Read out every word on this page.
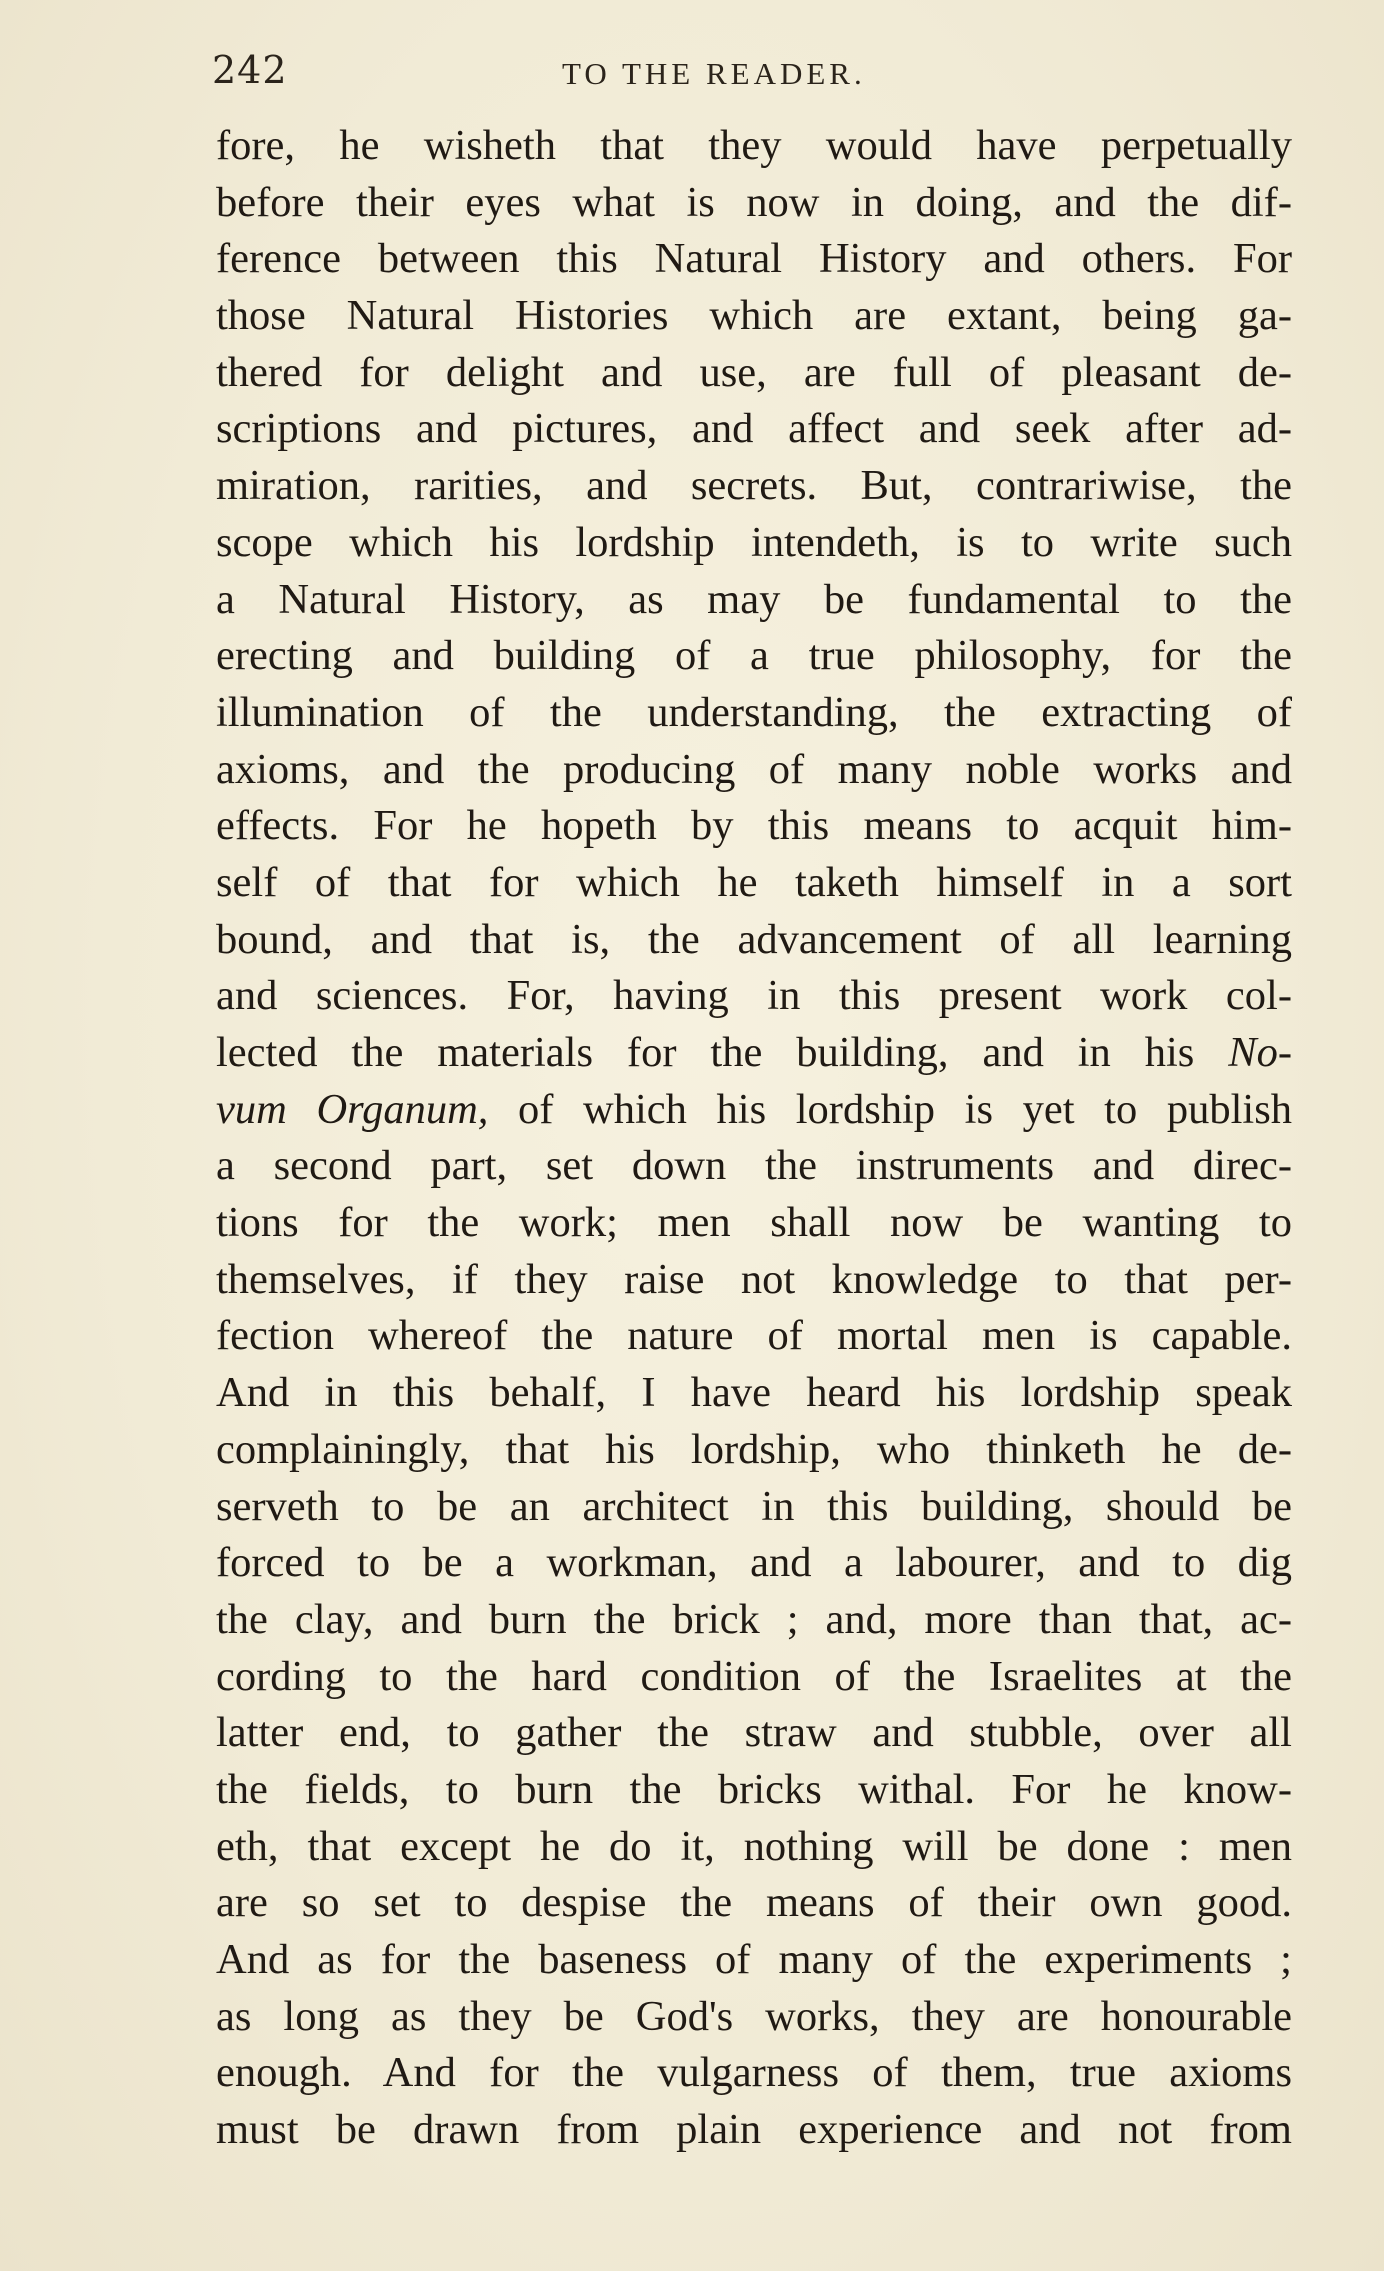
242	TO THE READER.
fore, he wisheth that they would have perpetually
before their eyes what is now in doing, and the dif-
ference between this Natural History and others. For
those Natural Histories which are extant, being ga-
thered for delight and use, are full of pleasant de-
scriptions and pictures, and affect and seek after ad-
miration, rarities, and secrets. But, contrariwise, the
scope which his lordship intendeth, is to write such
a Natural History, as may be fundamental to the
erecting and building of a true philosophy, for the
illumination of the understanding, the extracting of
axioms, and the producing of many noble works and
effects. For he hopeth by this means to acquit him-
self of that for which he taketh himself in a sort
bound, and that is, the advancement of all learning
and sciences. For, having in this present work col-
lected the materials for the building, and in his No-
vum Organum, of which his lordship is yet to publish
a second part, set down the instruments and direc-
tions for the work; men shall now be wanting to
themselves, if they raise not knowledge to that per-
fection whereof the nature of mortal men is capable.
And in this behalf, I have heard his lordship speak
complainingly, that his lordship, who thinketh he de-
serveth to be an architect in this building, should be
forced to be a workman, and a labourer, and to dig
the clay, and burn the brick ; and, more than that, ac-
cording to the hard condition of the Israelites at the
latter end, to gather the straw and stubble, over all
the fields, to burn the bricks withal. For he know-
eth, that except he do it, nothing will be done : men
are so set to despise the means of their own good.
And as for the baseness of many of the experiments ;
as long as they be God's works, they are honourable
enough. And for the vulgarness of them, true axioms
must be drawn from plain experience and not from
